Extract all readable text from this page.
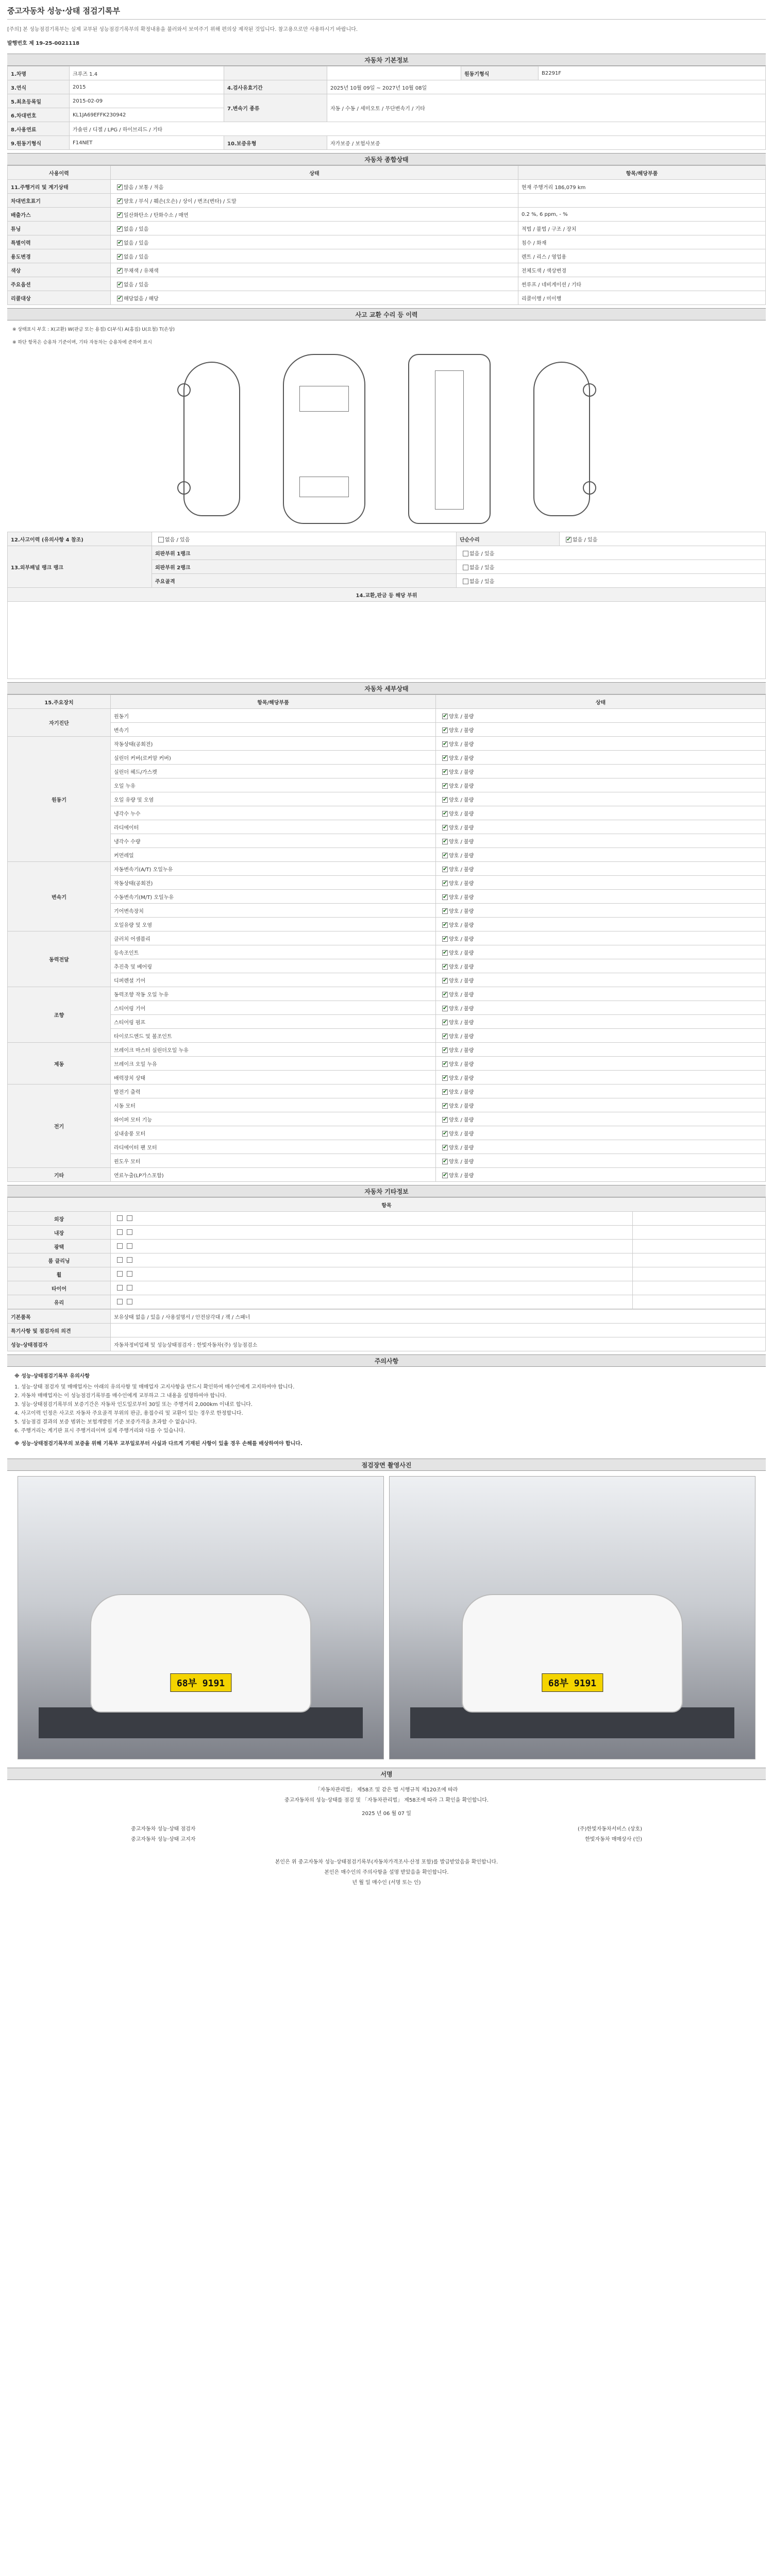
중고자동차 성능·상태 점검기록부
[주의] 본 성능점검기록부는 실제 교부된 성능점검기록부의 확정내용을 불러와서 보여주기 위해 편의상 제작된 것입니다. 참고용으로만 사용하시기 바랍니다.
발행번호 제 19-25-0021118
자동차 기본정보
1.차명	크루즈 1.4			원동기형식	B2291F
3.연식	2015	4.검사유효기간	2025년 10월 09일 ~ 2027년 10월 08일		
5.최초등록일	2015-02-09	7.변속기 종류	자동 / 수동 / 세미오토 / 무단변속기 / 기타		
6.차대번호	KL1JA69EFFK230942				
8.사용연료	가솔린 / 디젤 / LPG / 하이브리드 / 기타				
9.원동기형식	F14NET	10.보증유형	자가보증 / 보험사보증		
자동차 종합상태
사용이력	상태	항목/해당부품
11.주행거리 및 계기상태	✔많음 / 보통 / 적음	현재 주행거리 186,079 km
차대번호표기	✔양호 / 부식 / 훼손(오손) / 상이 / 변조(변타) / 도말	
배출가스	✔일산화탄소 / 탄화수소 / 매연	0.2 %, 6 ppm, - %
튜닝	✔없음 / 있음	적법 / 불법 / 구조 / 장치
특별이력	✔없음 / 있음	침수 / 화재
용도변경	✔없음 / 있음	렌트 / 리스 / 영업용
색상	✔무채색 / 유채색	전체도색 / 색상변경
주요옵션	✔없음 / 있음	썬루프 / 네비게이션 / 기타
리콜대상	✔해당없음 / 해당	리콜이행 / 미이행
사고 교환 수리 등 이력
※ 상태표시 부호 : X(교환) W(판금 또는 용접) C(부식) A(흠집) U(요철) T(손상)
※ 하단 항목은 승용차 기준이며, 기타 자동차는 승용차에 준하여 표시
12.사고이력 (유의사항 4 참조)	없음 / 있음	단순수리	✔없음 / 있음
13.외부패널 랭크 랭크	외판부위 1랭크	없음 / 있음	
	외판부위 2랭크	없음 / 있음	
	주요골격	없음 / 있음	
14.교환,판금 등 해당 부위			

자동차 세부상태
15.주요장치	항목/해당부품	상태
자기진단	원동기	✔양호 / 불량
	변속기	✔양호 / 불량
원동기	작동상태(공회전)	✔양호 / 불량
	실린더 커버(로커암 커버)	✔양호 / 불량
	실린더 헤드/가스켓	✔양호 / 불량
	오일 누유	✔양호 / 불량
	오일 유량 및 오염	✔양호 / 불량
	냉각수 누수	✔양호 / 불량
	라디에이터	✔양호 / 불량
	냉각수 수량	✔양호 / 불량
	커먼레일	✔양호 / 불량
변속기	자동변속기(A/T) 오일누유	✔양호 / 불량
	작동상태(공회전)	✔양호 / 불량
	수동변속기(M/T) 오일누유	✔양호 / 불량
	기어변속장치	✔양호 / 불량
	오일유량 및 오염	✔양호 / 불량
동력전달	클러치 어셈블리	✔양호 / 불량
	등속조인트	✔양호 / 불량
	추진축 및 베어링	✔양호 / 불량
	디퍼렌셜 기어	✔양호 / 불량
조향	동력조향 작동 오일 누유	✔양호 / 불량
	스티어링 기어	✔양호 / 불량
	스티어링 펌프	✔양호 / 불량
	타이로드엔드 및 볼조인트	✔양호 / 불량
제동	브레이크 마스터 실린더오일 누유	✔양호 / 불량
	브레이크 오일 누유	✔양호 / 불량
	배력장치 상태	✔양호 / 불량
전기	발전기 출력	✔양호 / 불량
	시동 모터	✔양호 / 불량
	와이퍼 모터 기능	✔양호 / 불량
	실내송풍 모터	✔양호 / 불량
	라디에이터 팬 모터	✔양호 / 불량
	윈도우 모터	✔양호 / 불량
기타	연료누출(LP가스포함)	✔양호 / 불량
자동차 기타정보
항목		
외장		
내장		
광택		
룸 클리닝		
휠		
타이어		
유리		
기본품목	보유상태 없음 / 있음 / 사용설명서 / 안전삼각대 / 잭 / 스패너
특기사항 및 점검자의 의견	
성능·상태점검자	자동차정비업체 및 성능상태점검자 : 한빛자동차(주) 성능점검소
주의사항
※ 성능·상태점검기록부 유의사항
1. 성능·상태 점검자 및 매매업자는 아래의 유의사항 및 매매업자 고지사항을 반드시 확인하여 매수인에게 고지하여야 합니다.
2. 자동차 매매업자는 이 성능점검기록부를 매수인에게 교부하고 그 내용을 설명하여야 합니다.
3. 성능·상태점검기록부의 보증기간은 자동차 인도일로부터 30일 또는 주행거리 2,000km 이내로 합니다.
4. 사고이력 인정은 사고로 자동차 주요골격 부위의 판금, 용접수리 및 교환이 있는 경우로 한정합니다.
5. 성능점검 결과의 보증 범위는 보험개발원 기준 보증가격을 초과할 수 없습니다.
6. 주행거리는 계기판 표시 주행거리이며 실제 주행거리와 다를 수 있습니다.
※ 성능·상태점검기록부의 보증을 위해 기록부 교부일로부터 사실과 다르게 기재된 사항이 있을 경우 손해를 배상하여야 합니다.
점검장면 촬영사진
68부 9191	68부 9191
서명
「자동차관리법」 제58조 및 같은 법 시행규칙 제120조에 따라
중고자동차의 성능·상태를 점검 및 「자동차관리법」 제58조에 따라 그 확인을 확인합니다.
2025 년 06 월 07 일
중고자동차 성능·상태 점검자	(주)한빛자동차서비스 (상호)
중고자동차 성능·상태 고지자	한빛자동차 매매상사 (인)
본인은 위 중고자동차 성능·상태점검기록부(자동차가격조사·산정 포함)를 발급받았음을 확인합니다.
본인은 매수인의 주의사항을 설명 받았음을 확인합니다.
년 월 일 매수인 (서명 또는 인)
